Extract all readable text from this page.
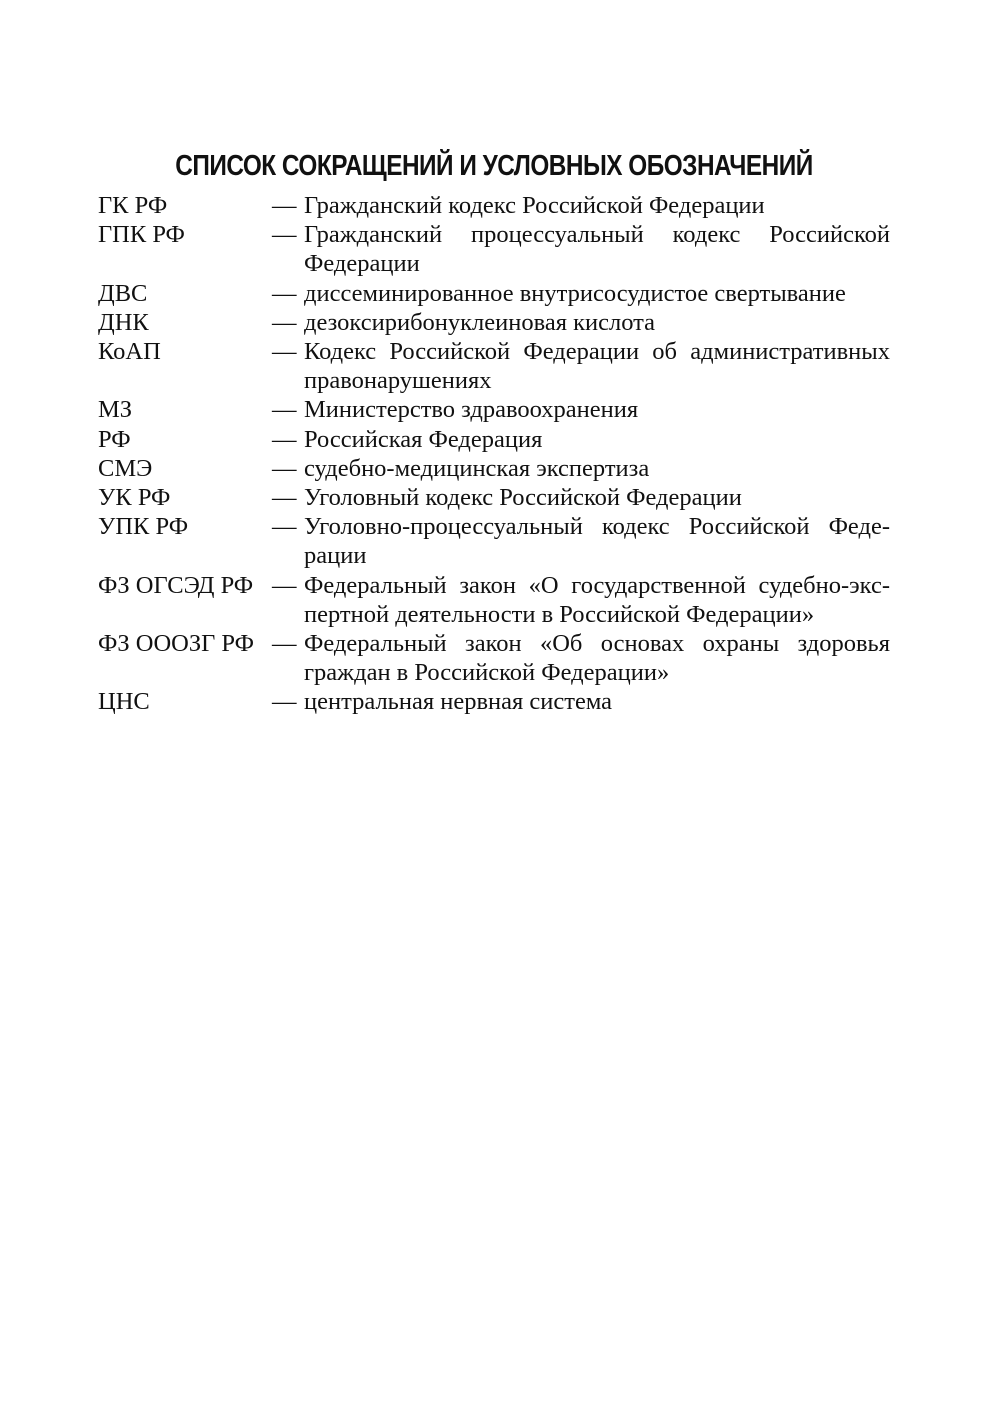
СПИСОК СОКРАЩЕНИЙ И УСЛОВНЫХ ОБОЗНАЧЕНИЙ
ГК РФ	— Гражданский кодекс Российской Федерации
ГПК РФ	— Гражданский процессуальный кодекс Российской Федерации
ДВС	— диссеминированное внутрисосудистое свертывание
ДНК	— дезоксирибонуклеиновая кислота
КоАП	— Кодекс Российской Федерации об административных правонарушениях
МЗ	— Министерство здравоохранения
РФ	— Российская Федерация
СМЭ	— судебно-медицинская экспертиза
УК РФ	— Уголовный кодекс Российской Федерации
УПК РФ	— Уголовно-процессуальный кодекс Российской Федерации
ФЗ ОГСЭД РФ — Федеральный закон «О государственной судебно-экспертной деятельности в Российской Федерации»
ФЗ ОООЗГ РФ — Федеральный закон «Об основах охраны здоровья граждан в Российской Федерации»
ЦНС	— центральная нервная система
